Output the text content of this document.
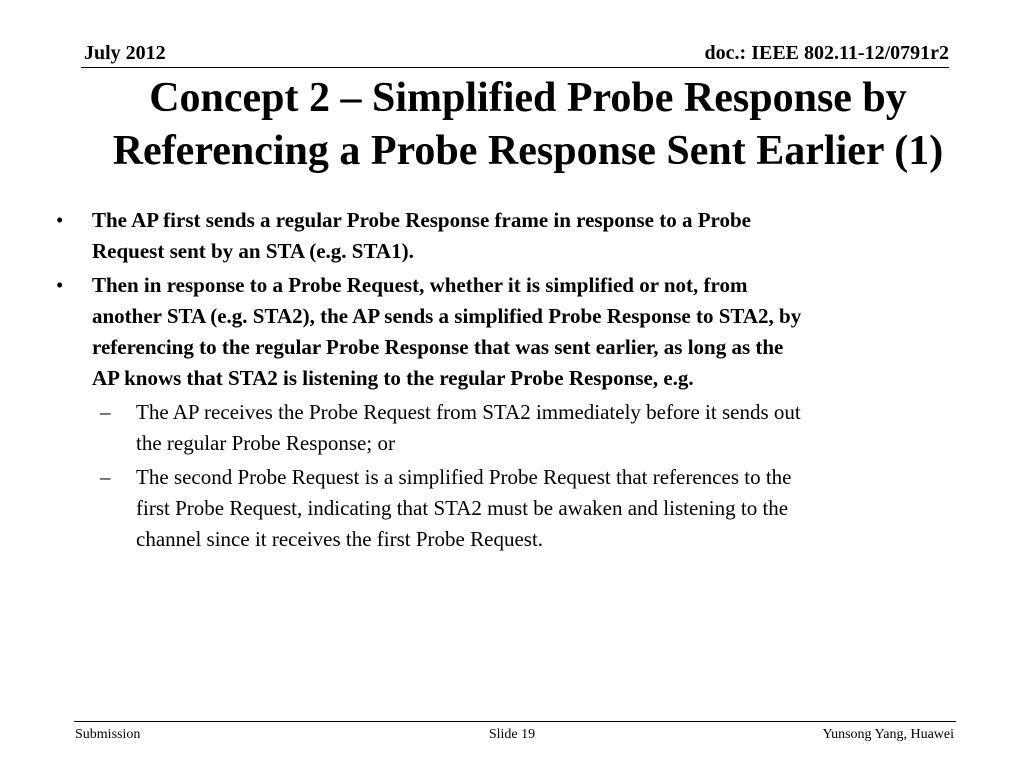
July 2012	doc.: IEEE 802.11-12/0791r2
Concept 2 – Simplified Probe Response by
Referencing a Probe Response Sent Earlier (1)
•	The AP first sends a regular Probe Response frame in response to a Probe
Request sent by an STA (e.g. STA1).
•	Then in response to a Probe Request, whether it is simplified or not, from
another STA (e.g. STA2), the AP sends a simplified Probe Response to STA2, by
referencing to the regular Probe Response that was sent earlier, as long as the
AP knows that STA2 is listening to the regular Probe Response, e.g.
– The AP receives the Probe Request from STA2 immediately before it sends out
the regular Probe Response; or
– The second Probe Request is a simplified Probe Request that references to the
first Probe Request, indicating that STA2 must be awaken and listening to the
channel since it receives the first Probe Request.
Submission	Slide 19	Yunsong Yang, Huawei
